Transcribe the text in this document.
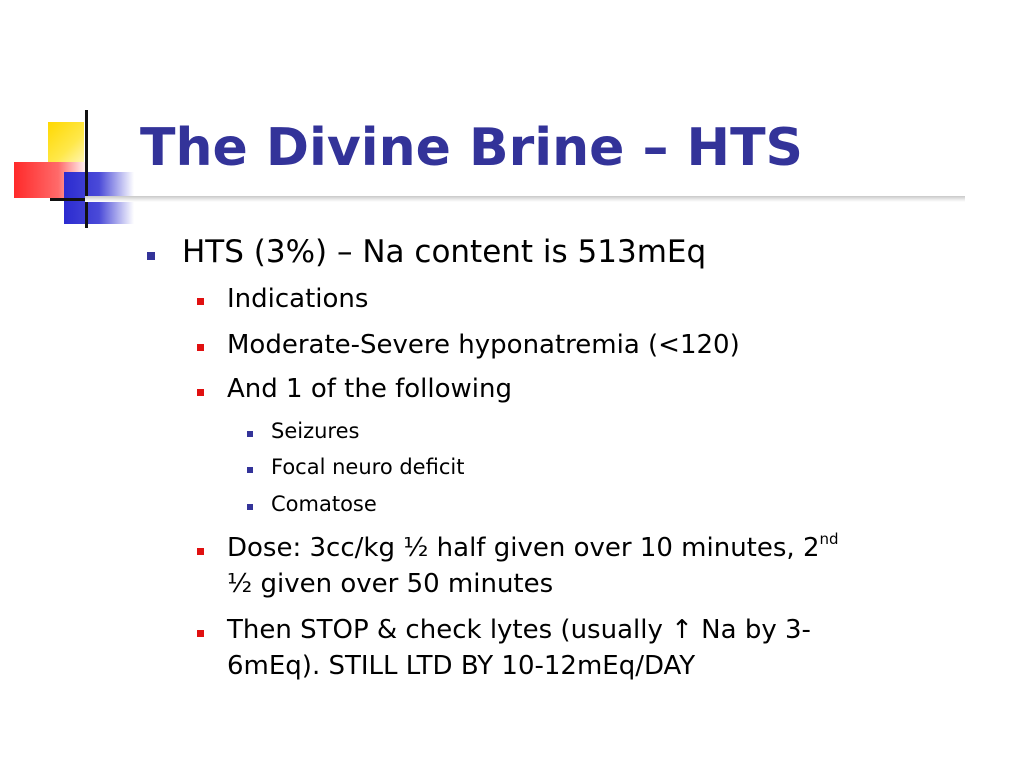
The Divine Brine – HTS
HTS (3%) – Na content is 513mEq
Indications
Moderate-Severe hyponatremia (<120)
And 1 of the following
Seizures
Focal neuro deficit
Comatose
Dose: 3cc/kg ½ half given over 10 minutes, 2nd
½ given over 50 minutes
Then STOP & check lytes (usually ↑ Na by 3-
6mEq). STILL LTD BY 10-12mEq/DAY
